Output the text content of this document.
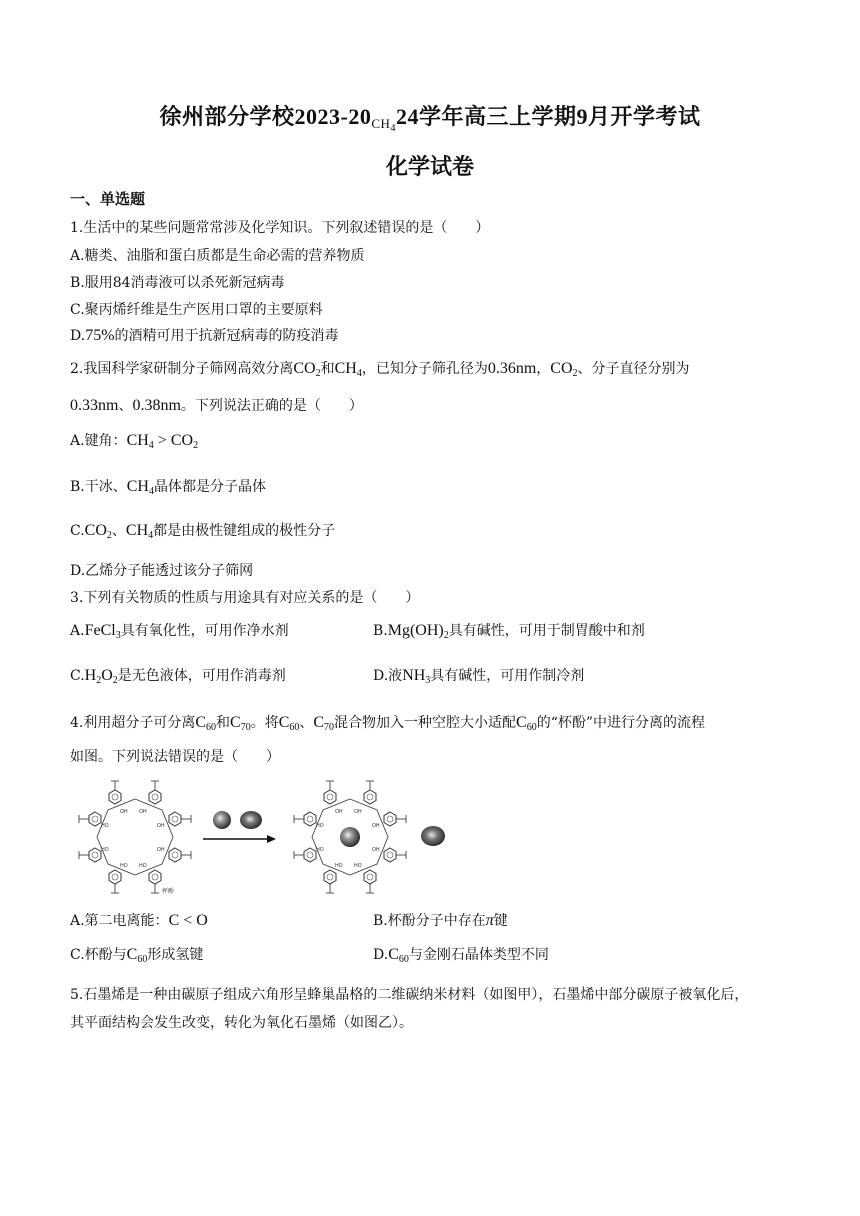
徐州部分学校$2023-20_{CH_4}24$学年高三上学期9月开学考试
化学试卷
一、单选题
1.生活中的某些问题常常涉及化学知识。下列叙述错误的是（　　）
A.糖类、油脂和蛋白质都是生命必需的营养物质
B.服用84消毒液可以杀死新冠病毒
C.聚丙烯纤维是生产医用口罩的主要原料
D.75%的酒精可用于抗新冠病毒的防疫消毒
2.我国科学家研制分子筛网高效分离$CO_2$和$CH_4$，已知分子筛孔径为0.36nm，$CO_2$、分子直径分别为
0.33nm、0.38nm。下列说法正确的是（　　）
A.键角：$CH_4 > CO_2$
B.干冰、$CH_4$晶体都是分子晶体
$C.CO_2$、$CH_4$都是由极性键组成的极性分子
D.乙烯分子能透过该分子筛网
3.下列有关物质的性质与用途具有对应关系的是（　　）
A.FeCl$_3$具有氧化性，可用作净水剂	$B.Mg(OH)_2$具有碱性，可用于制胃酸中和剂
$C.H_2O_2$是无色液体，可用作消毒剂	D.液$NH_3$具有碱性，可用作制冷剂
4.利用超分子可分离$C_{60}$和$C_{70}$。将$C_{60}$、$C_{70}$混合物加入一种空腔大小适配$C_{60}$的“杯酚”中进行分离的流程
如图。下列说法错误的是（　　）
OH
HO
杯酚
A.第二电离能：C < O	B.杯酚分子中存在π键
C.杯酚与$C_{60}$形成氢键	$D.C_{60}$与金刚石晶体类型不同
5.石墨烯是一种由碳原子组成六角形呈蜂巢晶格的二维碳纳米材料（如图甲），石墨烯中部分碳原子被氧化后，
其平面结构会发生改变，转化为氧化石墨烯（如图乙）。
